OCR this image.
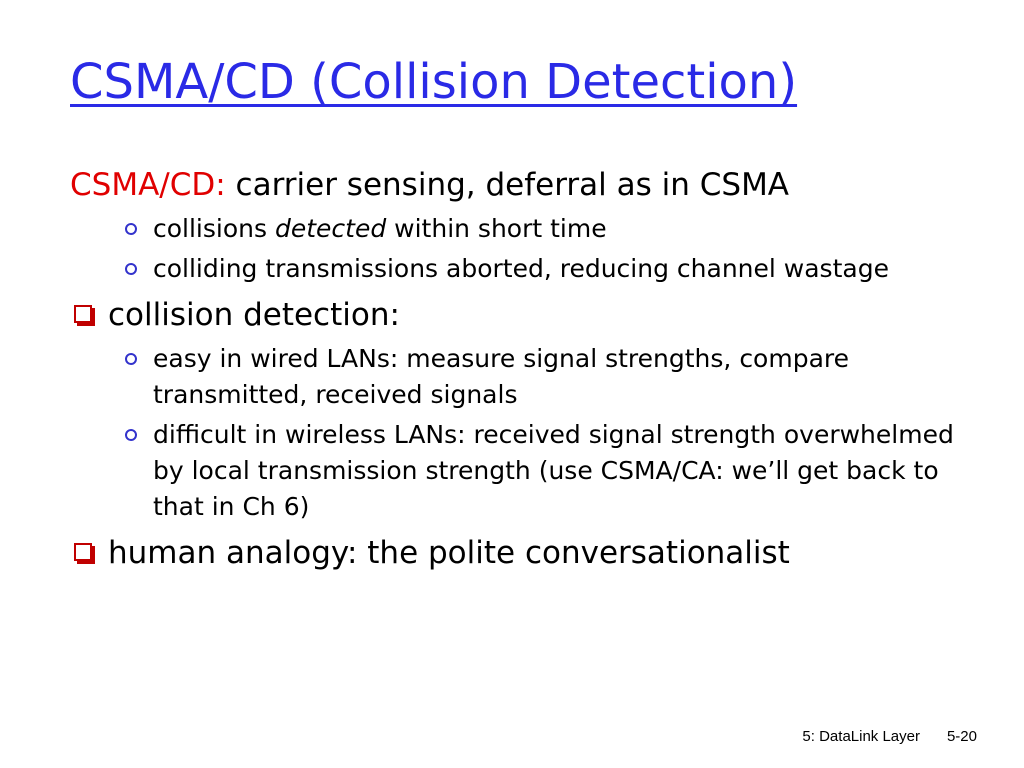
CSMA/CD (Collision Detection)
CSMA/CD: carrier sensing, deferral as in CSMA
collisions detected within short time
colliding transmissions aborted, reducing channel wastage
collision detection:
easy in wired LANs: measure signal strengths, compare transmitted, received signals
difficult in wireless LANs: received signal strength overwhelmed by local transmission strength (use CSMA/CA: we’ll get back to that in Ch 6)
human analogy: the polite conversationalist
5: DataLink Layer 5-20
